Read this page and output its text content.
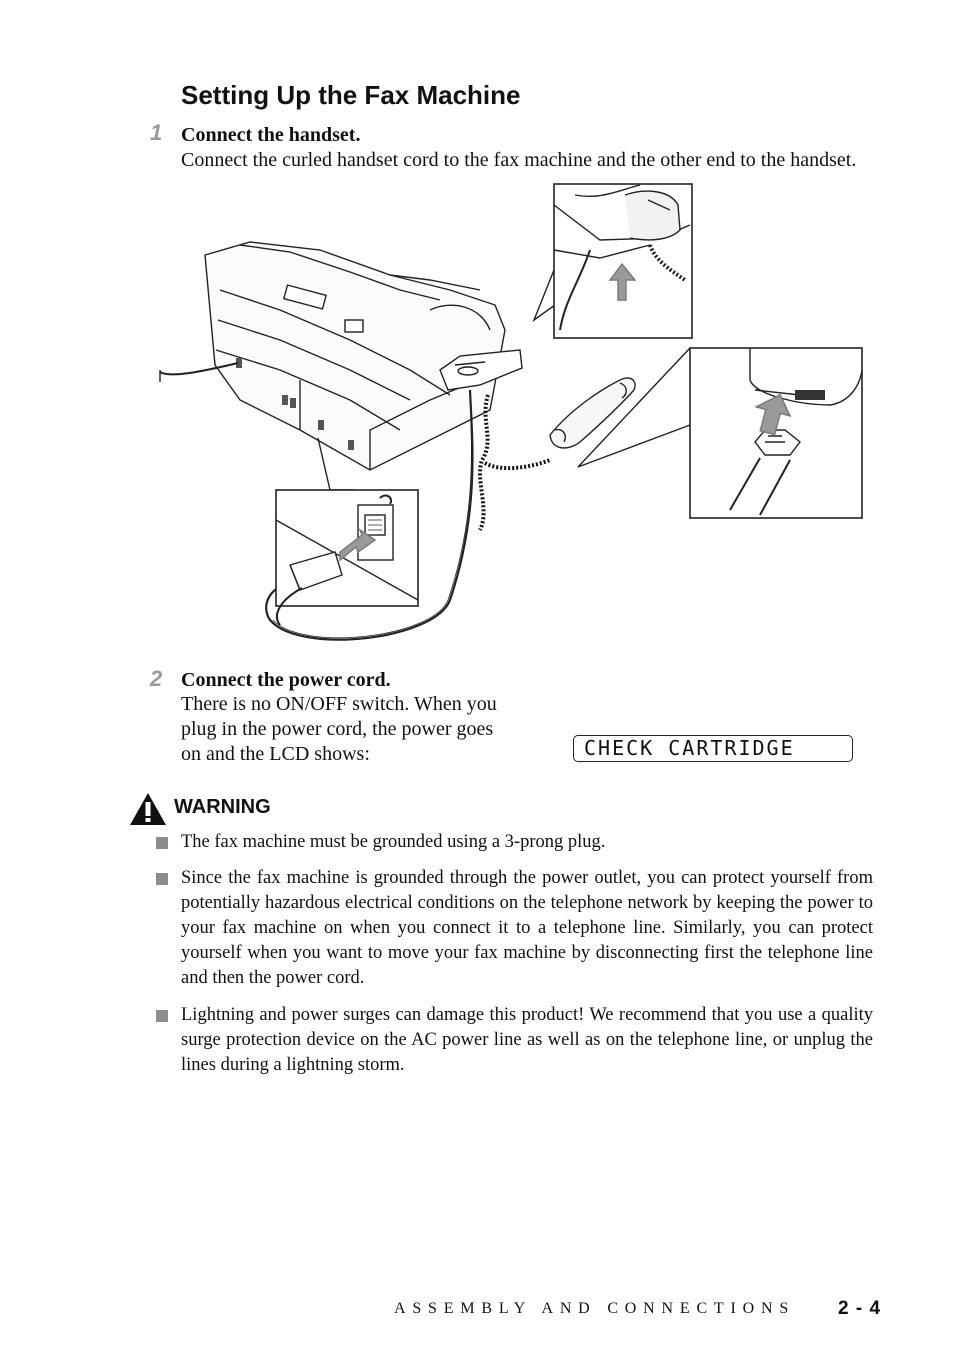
Setting Up the Fax Machine
1 Connect the handset.
Connect the curled handset cord to the fax machine and the other end to the handset.
2 Connect the power cord.
There is no ON/OFF switch. When you
plug in the power cord, the power goes
on and the LCD shows:	CHECK CARTRIDGE
WARNING
The fax machine must be grounded using a 3-prong plug.
Since the fax machine is grounded through the power outlet, you can protect yourself from potentially hazardous electrical conditions on the telephone network by keeping the power to your fax machine on when you connect it to a telephone line. Similarly, you can protect yourself when you want to move your fax machine by disconnecting first the telephone line and then the power cord.
Lightning and power surges can damage this product! We recommend that you use a quality surge protection device on the AC power line as well as on the telephone line, or unplug the lines during a lightning storm.
ASSEMBLY AND CONNECTIONS 2 - 4
